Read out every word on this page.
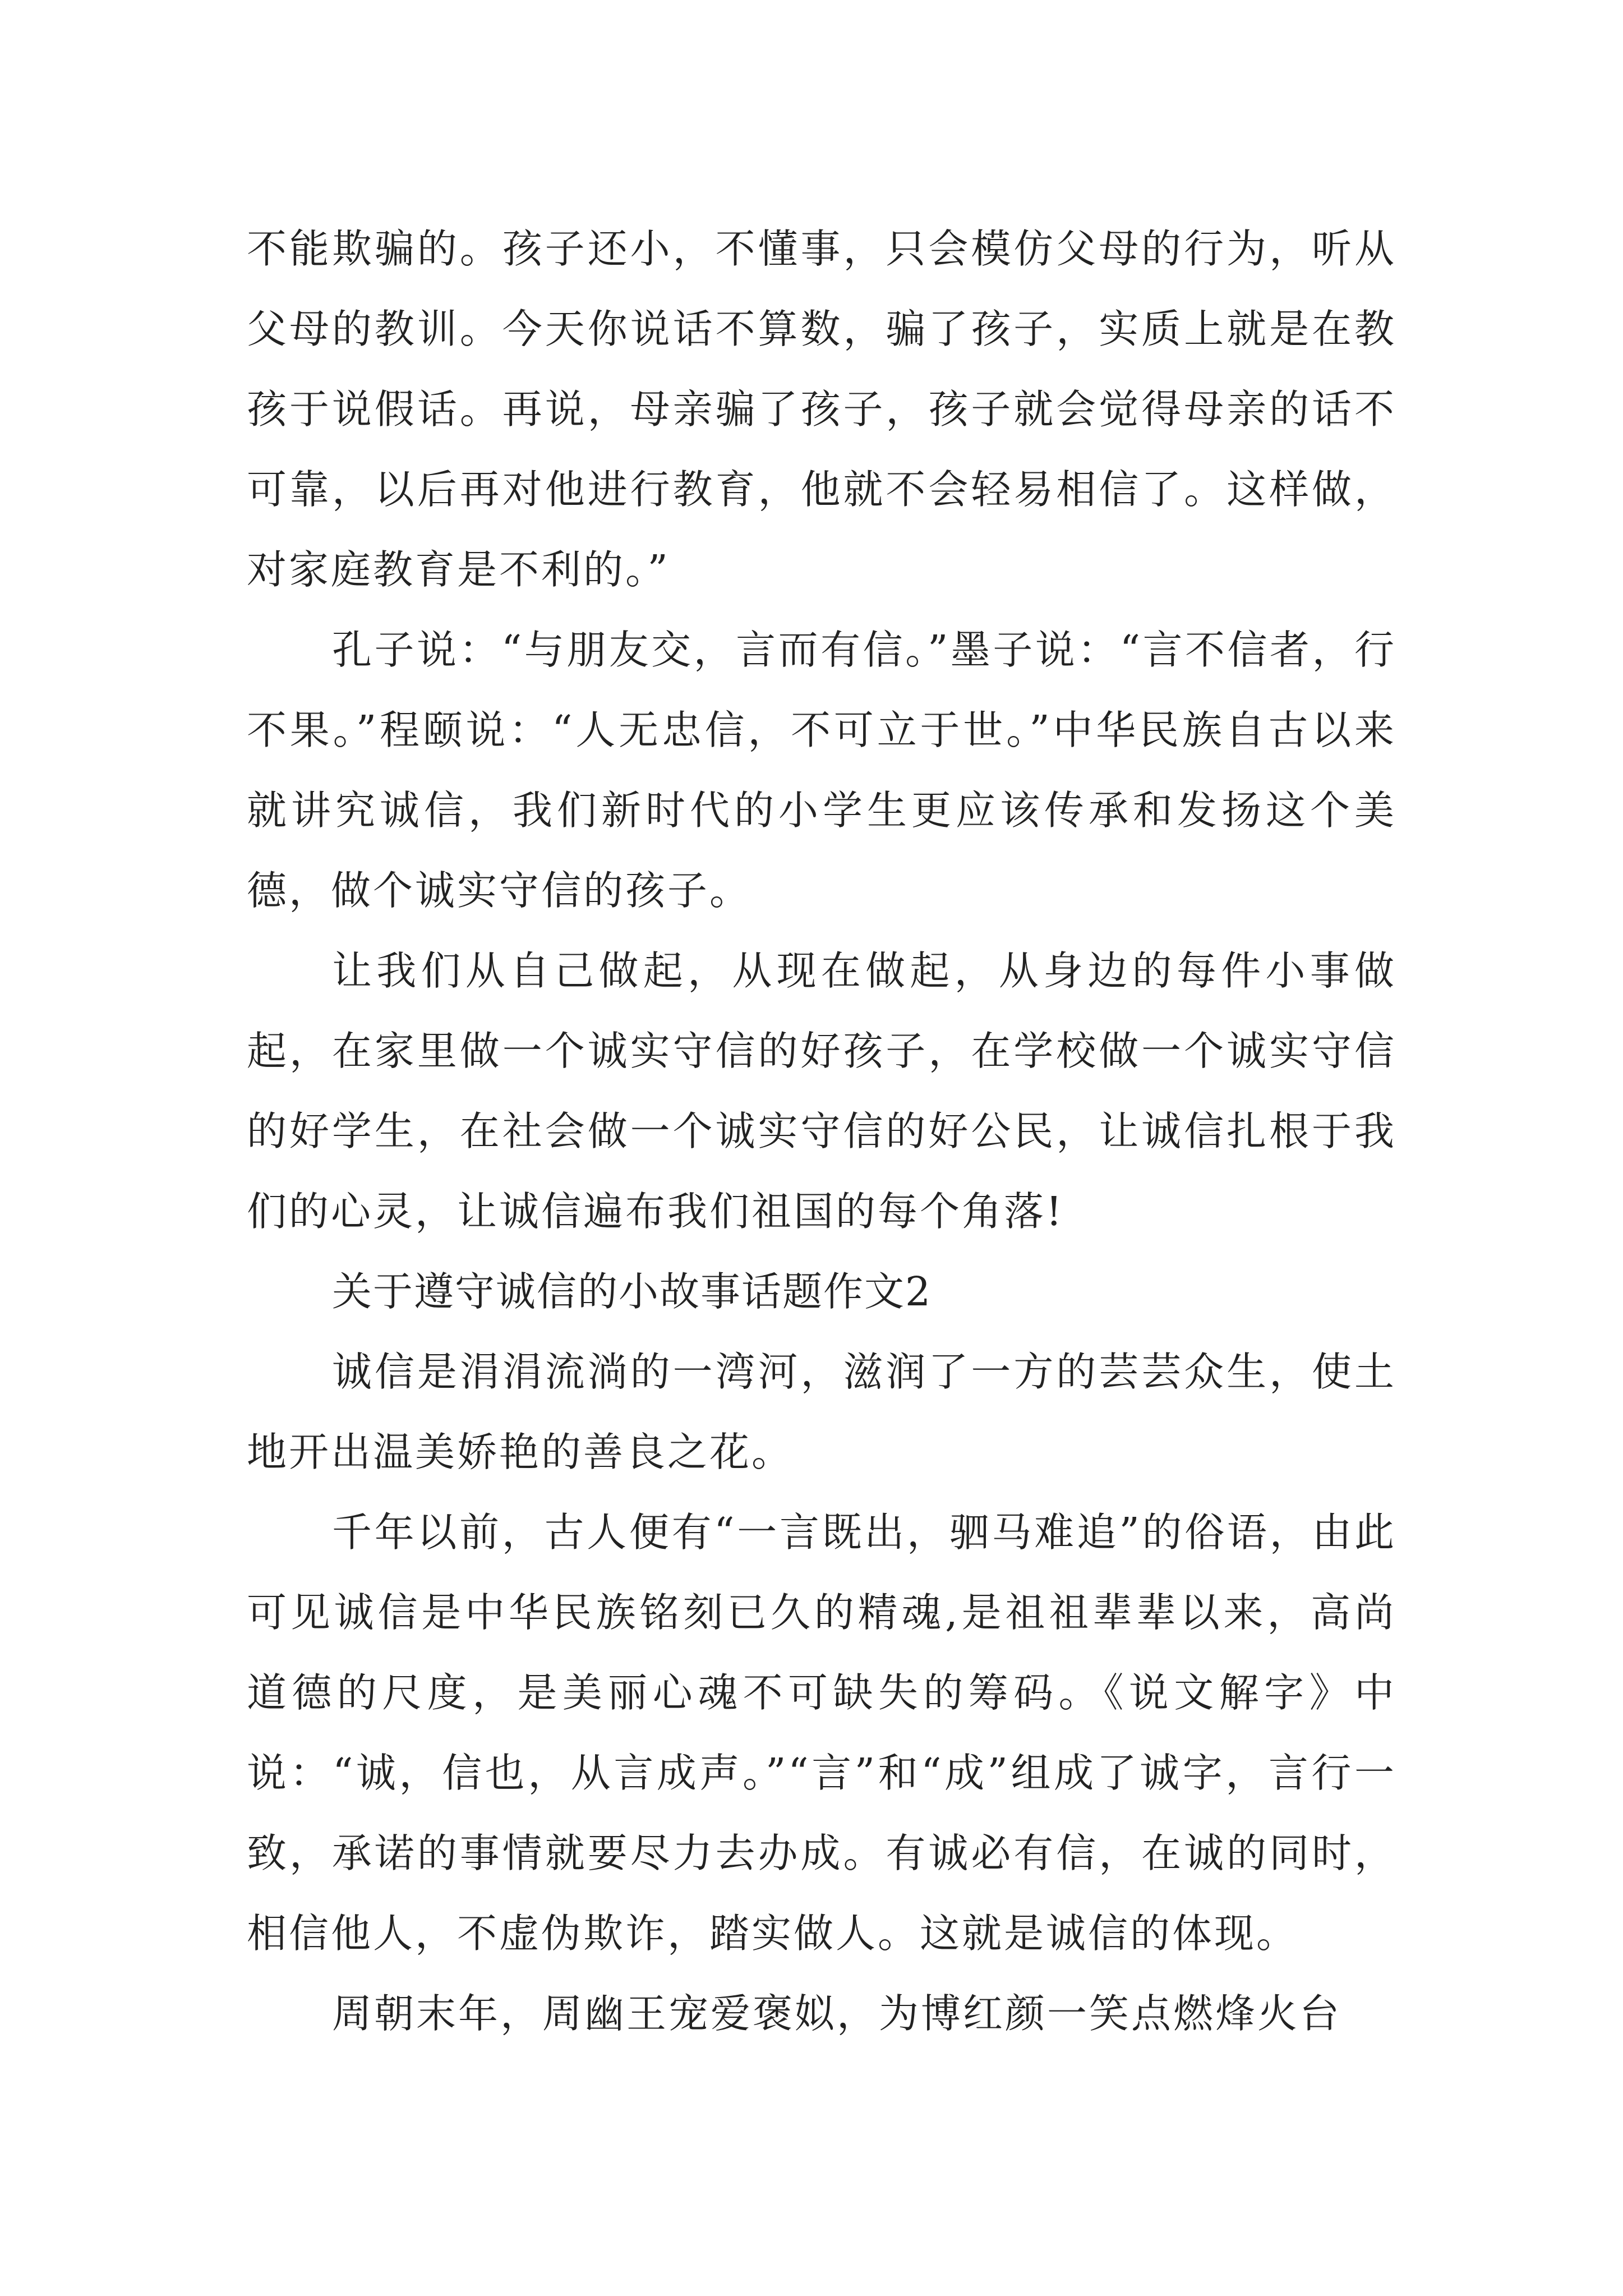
不能欺骗的。孩子还小，不懂事，只会模仿父母的行为，听从父母的教训。今天你说话不算数，骗了孩子，实质上就是在教孩于说假话。再说，母亲骗了孩子，孩子就会觉得母亲的话不可靠，以后再对他进行教育，他就不会轻易相信了。这样做，对家庭教育是不利的。”

孔子说：“与朋友交，言而有信。”墨子说：“言不信者，行不果。”程颐说：“人无忠信，不可立于世。”中华民族自古以来就讲究诚信，我们新时代的小学生更应该传承和发扬这个美德，做个诚实守信的孩子。

让我们从自己做起，从现在做起，从身边的每件小事做起，在家里做一个诚实守信的好孩子，在学校做一个诚实守信的好学生，在社会做一个诚实守信的好公民，让诚信扎根于我们的心灵，让诚信遍布我们祖国的每个角落!

关于遵守诚信的小故事话题作文2

诚信是涓涓流淌的一湾河，滋润了一方的芸芸众生，使土地开出温美娇艳的善良之花。

千年以前，古人便有“一言既出，驷马难追”的俗语，由此可见诚信是中华民族铭刻已久的精魂,是祖祖辈辈以来，高尚道德的尺度，是美丽心魂不可缺失的筹码。《说文解字》中说：“诚，信也，从言成声。”“言”和“成”组成了诚字，言行一致，承诺的事情就要尽力去办成。有诚必有信，在诚的同时，相信他人，不虚伪欺诈，踏实做人。这就是诚信的体现。

周朝末年，周幽王宠爱褒姒，为博红颜一笑点燃烽火台
